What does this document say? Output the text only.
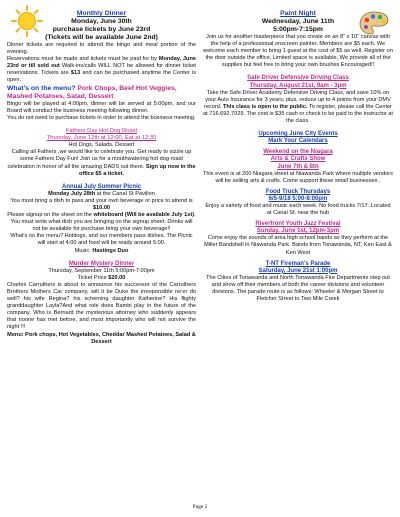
Monthly Dinner

Monday, June 30th

purchase tickets by June 23rd

(Tickets will be available June 2nd)

Dinner tickets are required to attend the bingo and meal portion of the evening.

Reservations must be made and tickets must be paid for by Monday, June 23rd or till sold out Walk-ins/calls WILL NOT be allowed for dinner ticket reservations. Tickets are $13 and can be purchased anytime the Center is open.

What's on the menu? Pork Chops, Beef Hot Veggies, Mashed Potatoes, Salad, Dessert

Bingo will be played at 4:00pm, dinner will be served at 5:00pm, and our Board will conduct the business meeting following dinner.

You do not need to purchase tickets in order to attend the business meeting.

Fathers Day Hot Dog Roast

Thursday, June 12th at 12:00, Eat at 12:30

Hot Dogs, Salads, Dessert

Calling all Fathers ,we would like to celebrate you. Get ready to sizzle up some Fathers Day Fun! Join us for a mouthwatering hot dog roast celebration in honor of all the amazing DADS out there. Sign up now in the office $5 a ticket.

Annual July Summer Picnic

Monday July 28th at the Canal St Pavilion

You must bring a dish to pass and your own beverage or price to attend is $10.00

Please signup on the sheet on the whiteboard (Will be available July 1st). You must write what dish you are bringing on the signup sheet. Drinks will not be available for purchase bring your own beverage!!

What's on the menu? Hotdogs, and our members pass dishes. The Picnic will start at 4:00 and food will be ready around 5:00.

Music: Hastings Duo

Murder Mystery Dinner

Thursday, September 11th 5:00pm-7:00pm

Ticket Price $20.00

Charles Carruthers is about to announce his successor of the Carruthers Brothers Mothers Car company, will it be Duke the irresponsible ne'er do well? his wife Regina? his scheming daughter Katherine? His flighty granddaughter Layla?And what role does Bambi play in the future of the company, Who is Bernard the mysterious attorney who suddenly appears that noone has met before, and most importantly who will not survive the night !!!

Menu: Pork chops, Hot Vegetables, Cheddar Mashed Potatoes, Salad & Dessert

Paint Night

Wednesday, June 11th

5:00pm-7:15pm

Join us for another masterpiece that you create on an 8" x 10" canvas with the help of a professional onscreen painter. Members are $5 each. We welcome each member to bring 1 guest at the cost of $5 as well. Register on the door outside the office, Limited space is available. We provide all of the supplies but feel free to bring your own brushes Encouraged!!

Safe Driver Defensive Driving Class

Thursday, August 21st, 9am - 3pm

Take the Safe Driver Academy Defensive Driving Class, and save 10% on your Auto Insurance for 3 years, plus, reduce up to 4 points from your DMV record. This class is open to the public. To register, please call the Center at 716.692.7029. The cost is $35 cash or check to be paid to the instructor at the class.

Upcoming June City Events

Mark Your Calendars

Weekend on the Niagara

Arts & Crafts Show

June 7th & 8th

This event is at 200 Niagara street at Niawanda Park where multiple vendors will be selling arts & crafts. Come support these small businesses .

Food Truck Thursdays

6/5-9/18 5:00-8:00pm

Enjoy a variety of food and music each week. No food trucks 7/17. Located at Canal St. near the hub

Riverfront Youth Jazz Festival

Sunday, June 1st, 12pm-3pm

Come enjoy the sounds of area high school bands as they perform at the Miller Bandshell in Niawanda Park. Bands from Tonawanda, NT, Ken East & Ken West

T-NT Fireman's Parade

Saturday, June 21st 1:00pm

The Cities of Tonawanda and North Tonawanda Fire Departments step out and show off their members of both the career divisions and volunteer divisions. The parade route is as follows: Wheeler & Morgan Street to Fletcher Street to Two Mile Creek

Page 2
